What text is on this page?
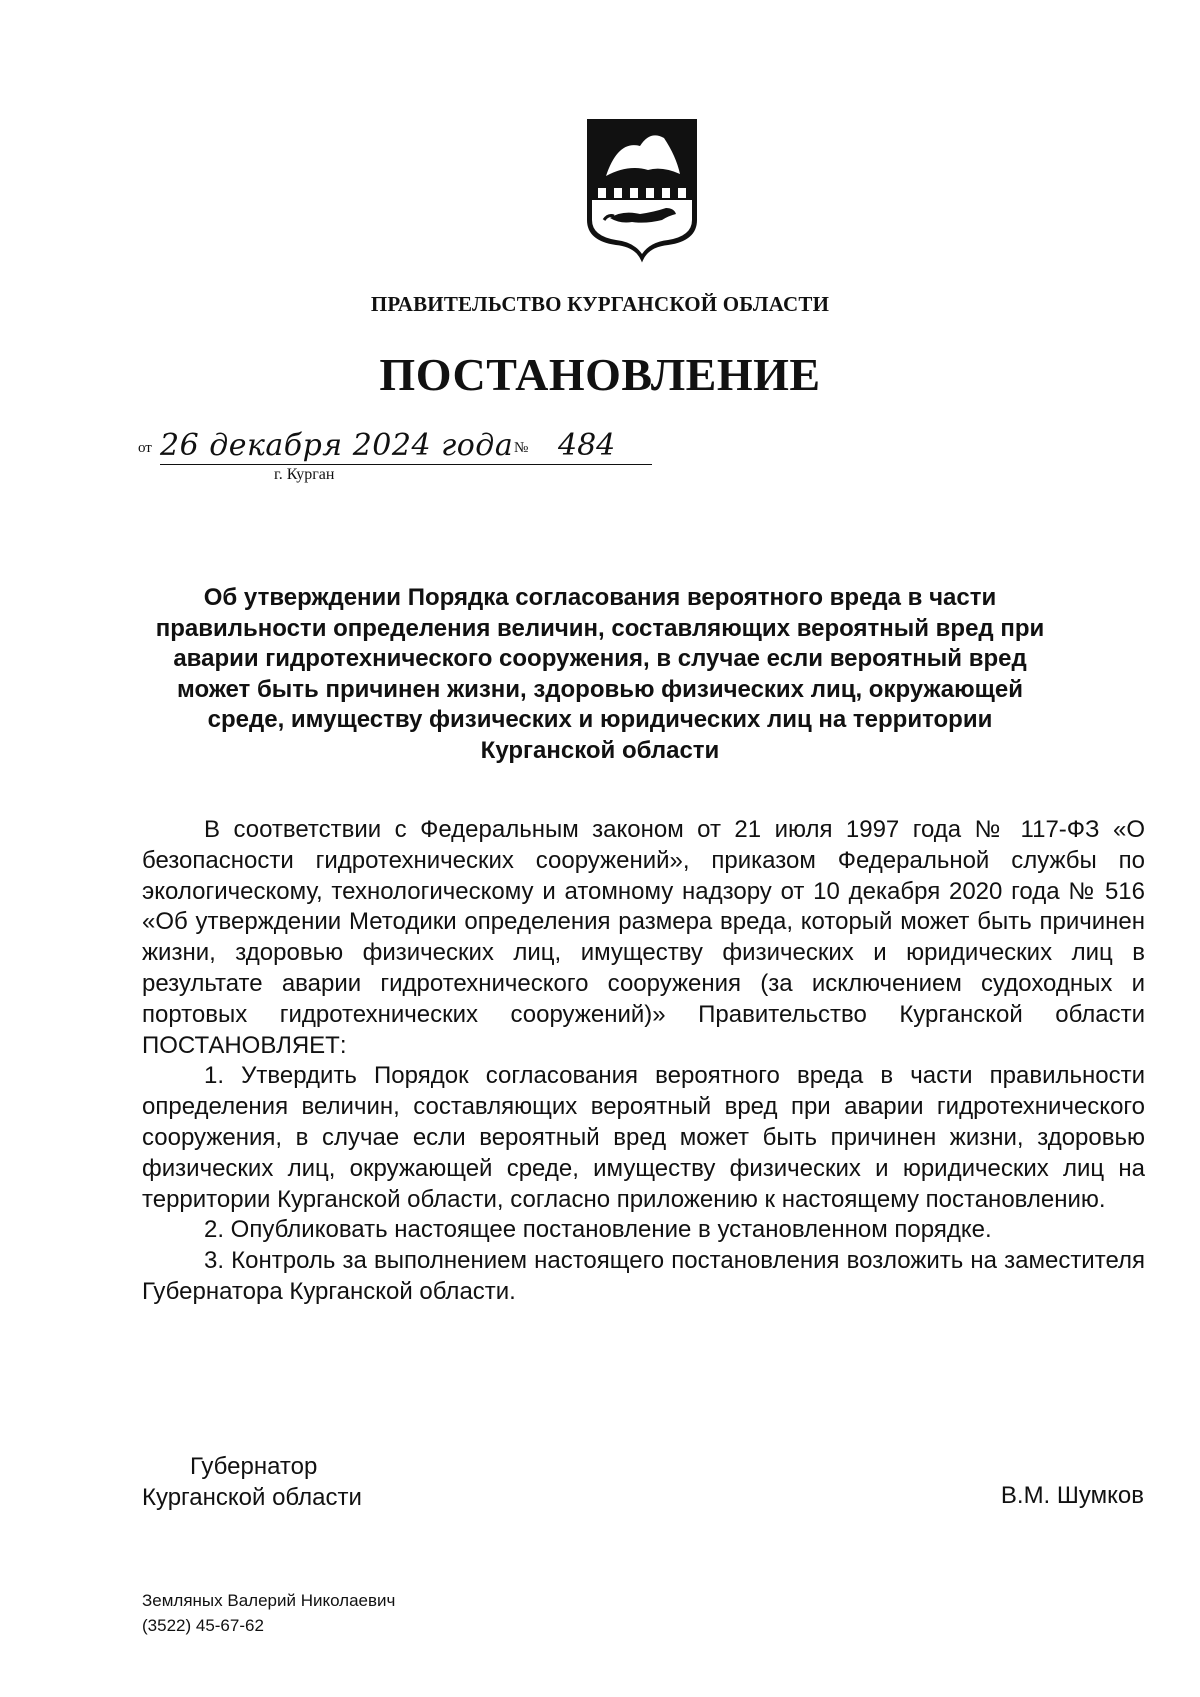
ПРАВИТЕЛЬСТВО КУРГАНСКОЙ ОБЛАСТИ
ПОСТАНОВЛЕНИЕ
от 26 декабря 2024 года № 484
г. Курган
Об утверждении Порядка согласования вероятного вреда в части правильности определения величин, составляющих вероятный вред при аварии гидротехнического сооружения, в случае если вероятный вред может быть причинен жизни, здоровью физических лиц, окружающей среде, имуществу физических и юридических лиц на территории Курганской области

В соответствии с Федеральным законом от 21 июля 1997 года № 117-ФЗ «О безопасности гидротехнических сооружений», приказом Федеральной службы по экологическому, технологическому и атомному надзору от 10 декабря 2020 года № 516 «Об утверждении Методики определения размера вреда, который может быть причинен жизни, здоровью физических лиц, имуществу физических и юридических лиц в результате аварии гидротехнического сооружения (за исключением судоходных и портовых гидротехнических сооружений)» Правительство Курганской области ПОСТАНОВЛЯЕТ:

1. Утвердить Порядок согласования вероятного вреда в части правильности определения величин, составляющих вероятный вред при аварии гидротехнического сооружения, в случае если вероятный вред может быть причинен жизни, здоровью физических лиц, окружающей среде, имуществу физических и юридических лиц на территории Курганской области, согласно приложению к настоящему постановлению.

2. Опубликовать настоящее постановление в установленном порядке.

3. Контроль за выполнением настоящего постановления возложить на заместителя Губернатора Курганской области.

Губернатор
Курганской области	В.М. Шумков
Земляных Валерий Николаевич
(3522) 45-67-62
